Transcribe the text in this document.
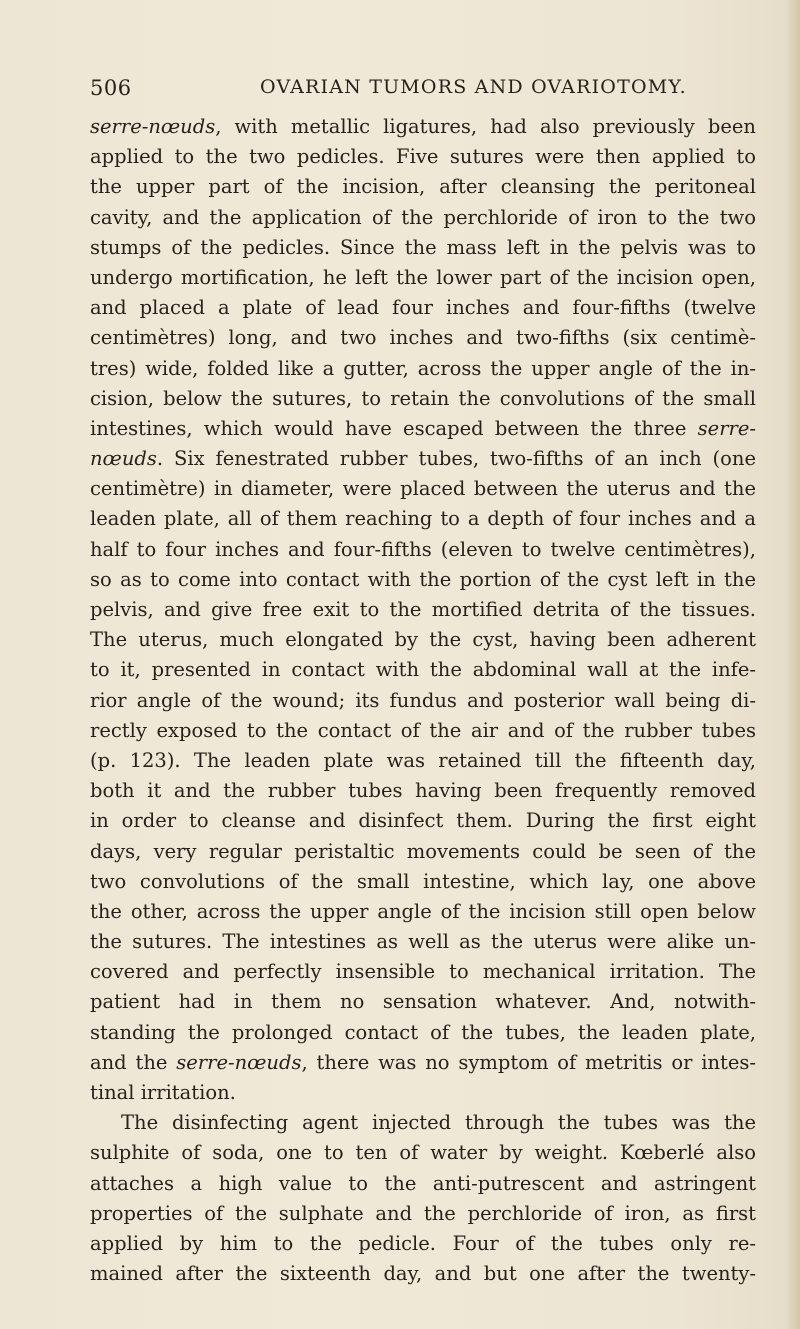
506	OVARIAN TUMORS AND OVARIOTOMY.
serre-nœuds, with metallic ligatures, had also previously been
applied to the two pedicles. Five sutures were then applied to
the upper part of the incision, after cleansing the peritoneal
cavity, and the application of the perchloride of iron to the two
stumps of the pedicles. Since the mass left in the pelvis was to
undergo mortification, he left the lower part of the incision open,
and placed a plate of lead four inches and four-fifths (twelve
centimètres) long, and two inches and two-fifths (six centimè-
tres) wide, folded like a gutter, across the upper angle of the in-
cision, below the sutures, to retain the convolutions of the small
intestines, which would have escaped between the three serre-
nœuds. Six fenestrated rubber tubes, two-fifths of an inch (one
centimètre) in diameter, were placed between the uterus and the
leaden plate, all of them reaching to a depth of four inches and a
half to four inches and four-fifths (eleven to twelve centimètres),
so as to come into contact with the portion of the cyst left in the
pelvis, and give free exit to the mortified detrita of the tissues.
The uterus, much elongated by the cyst, having been adherent
to it, presented in contact with the abdominal wall at the infe-
rior angle of the wound; its fundus and posterior wall being di-
rectly exposed to the contact of the air and of the rubber tubes
(p. 123). The leaden plate was retained till the fifteenth day,
both it and the rubber tubes having been frequently removed
in order to cleanse and disinfect them. During the first eight
days, very regular peristaltic movements could be seen of the
two convolutions of the small intestine, which lay, one above
the other, across the upper angle of the incision still open below
the sutures. The intestines as well as the uterus were alike un-
covered and perfectly insensible to mechanical irritation. The
patient had in them no sensation whatever. And, notwith-
standing the prolonged contact of the tubes, the leaden plate,
and the serre-nœuds, there was no symptom of metritis or intes-
tinal irritation.
The disinfecting agent injected through the tubes was the
sulphite of soda, one to ten of water by weight. Kœberlé also
attaches a high value to the anti-putrescent and astringent
properties of the sulphate and the perchloride of iron, as first
applied by him to the pedicle. Four of the tubes only re-
mained after the sixteenth day, and but one after the twenty-
